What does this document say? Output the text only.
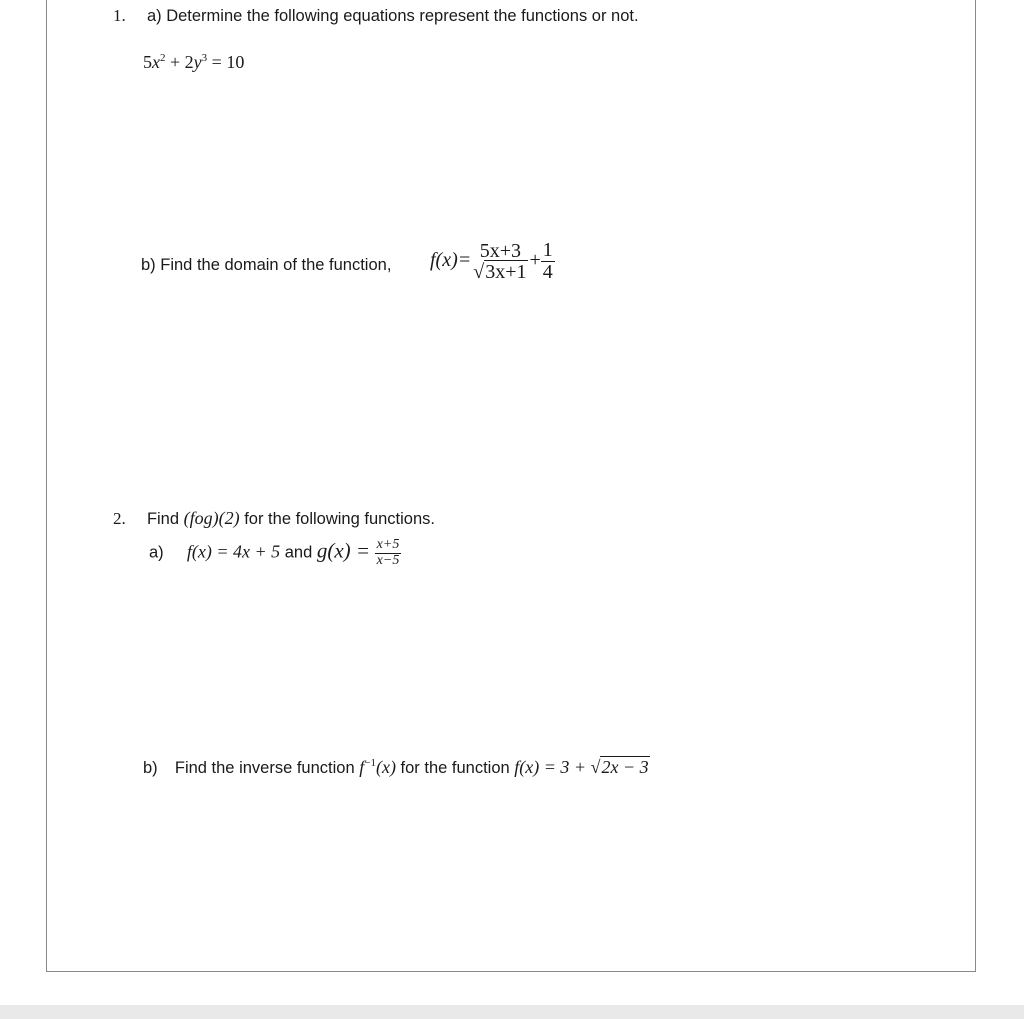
1. a) Determine the following equations represent the functions or not.
$5x^2 + 2y^3 = 10$
b) Find the domain of the function, f(x)= 5x+3
√3x+1
+ $\frac{1}{4}$
2. Find (fog)(2) for the following functions.
a) f(x) = 4x + 5 and $g(x) = \frac{x+5}{x-5}$
b) Find the inverse function $f^{-1}(x)$ for the function f(x) = 3 + √2x − 3
